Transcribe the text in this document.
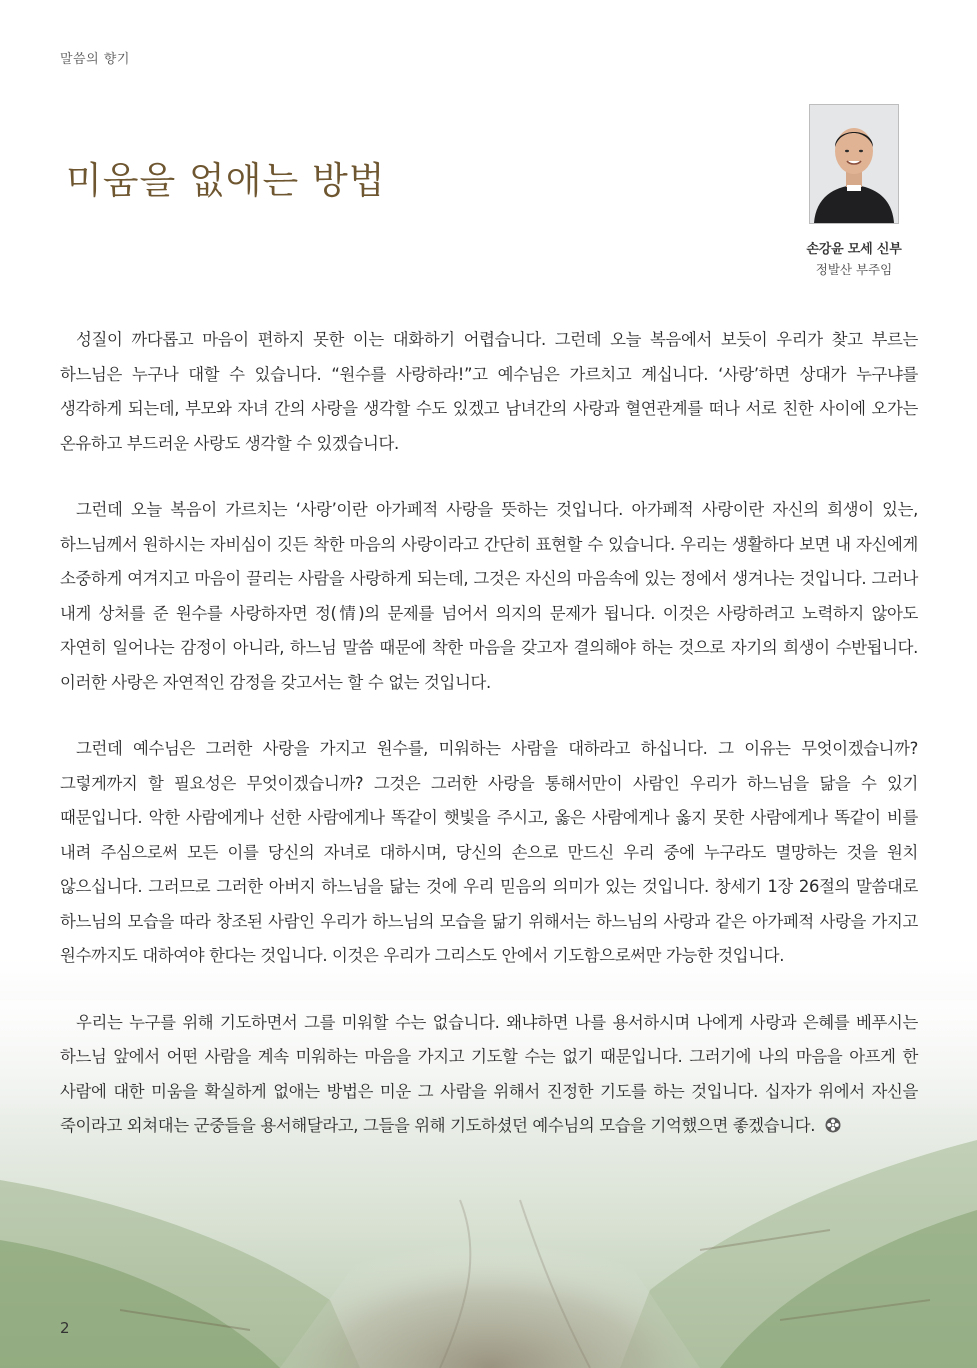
말씀의 향기
미움을 없애는 방법
손강윤 모세 신부
정발산 부주임

성질이 까다롭고 마음이 편하지 못한 이는 대화하기 어렵습니다. 그런데 오늘 복음에서 보듯이 우리가 찾고 부르는 하느님은 누구나 대할 수 있습니다. “원수를 사랑하라!”고 예수님은 가르치고 계십니다. ‘사랑’하면 상대가 누구냐를 생각하게 되는데, 부모와 자녀 간의 사랑을 생각할 수도 있겠고 남녀간의 사랑과 혈연관계를 떠나 서로 친한 사이에 오가는 온유하고 부드러운 사랑도 생각할 수 있겠습니다.

그런데 오늘 복음이 가르치는 ‘사랑’이란 아가페적 사랑을 뜻하는 것입니다. 아가페적 사랑이란 자신의 희생이 있는, 하느님께서 원하시는 자비심이 깃든 착한 마음의 사랑이라고 간단히 표현할 수 있습니다. 우리는 생활하다 보면 내 자신에게 소중하게 여겨지고 마음이 끌리는 사람을 사랑하게 되는데, 그것은 자신의 마음속에 있는 정에서 생겨나는 것입니다. 그러나 내게 상처를 준 원수를 사랑하자면 정(情)의 문제를 넘어서 의지의 문제가 됩니다. 이것은 사랑하려고 노력하지 않아도 자연히 일어나는 감정이 아니라, 하느님 말씀 때문에 착한 마음을 갖고자 결의해야 하는 것으로 자기의 희생이 수반됩니다. 이러한 사랑은 자연적인 감정을 갖고서는 할 수 없는 것입니다.

그런데 예수님은 그러한 사랑을 가지고 원수를, 미워하는 사람을 대하라고 하십니다. 그 이유는 무엇이겠습니까? 그렇게까지 할 필요성은 무엇이겠습니까? 그것은 그러한 사랑을 통해서만이 사람인 우리가 하느님을 닮을 수 있기 때문입니다. 악한 사람에게나 선한 사람에게나 똑같이 햇빛을 주시고, 옳은 사람에게나 옳지 못한 사람에게나 똑같이 비를 내려 주심으로써 모든 이를 당신의 자녀로 대하시며, 당신의 손으로 만드신 우리 중에 누구라도 멸망하는 것을 원치 않으십니다. 그러므로 그러한 아버지 하느님을 닮는 것에 우리 믿음의 의미가 있는 것입니다. 창세기 1장 26절의 말씀대로 하느님의 모습을 따라 창조된 사람인 우리가 하느님의 모습을 닮기 위해서는 하느님의 사랑과 같은 아가페적 사랑을 가지고 원수까지도 대하여야 한다는 것입니다. 이것은 우리가 그리스도 안에서 기도함으로써만 가능한 것입니다.

우리는 누구를 위해 기도하면서 그를 미워할 수는 없습니다. 왜냐하면 나를 용서하시며 나에게 사랑과 은혜를 베푸시는 하느님 앞에서 어떤 사람을 계속 미워하는 마음을 가지고 기도할 수는 없기 때문입니다. 그러기에 나의 마음을 아프게 한 사람에 대한 미움을 확실하게 없애는 방법은 미운 그 사람을 위해서 진정한 기도를 하는 것입니다. 십자가 위에서 자신을 죽이라고 외쳐대는 군중들을 용서해달라고, 그들을 위해 기도하셨던 예수님의 모습을 기억했으면 좋겠습니다.

2
